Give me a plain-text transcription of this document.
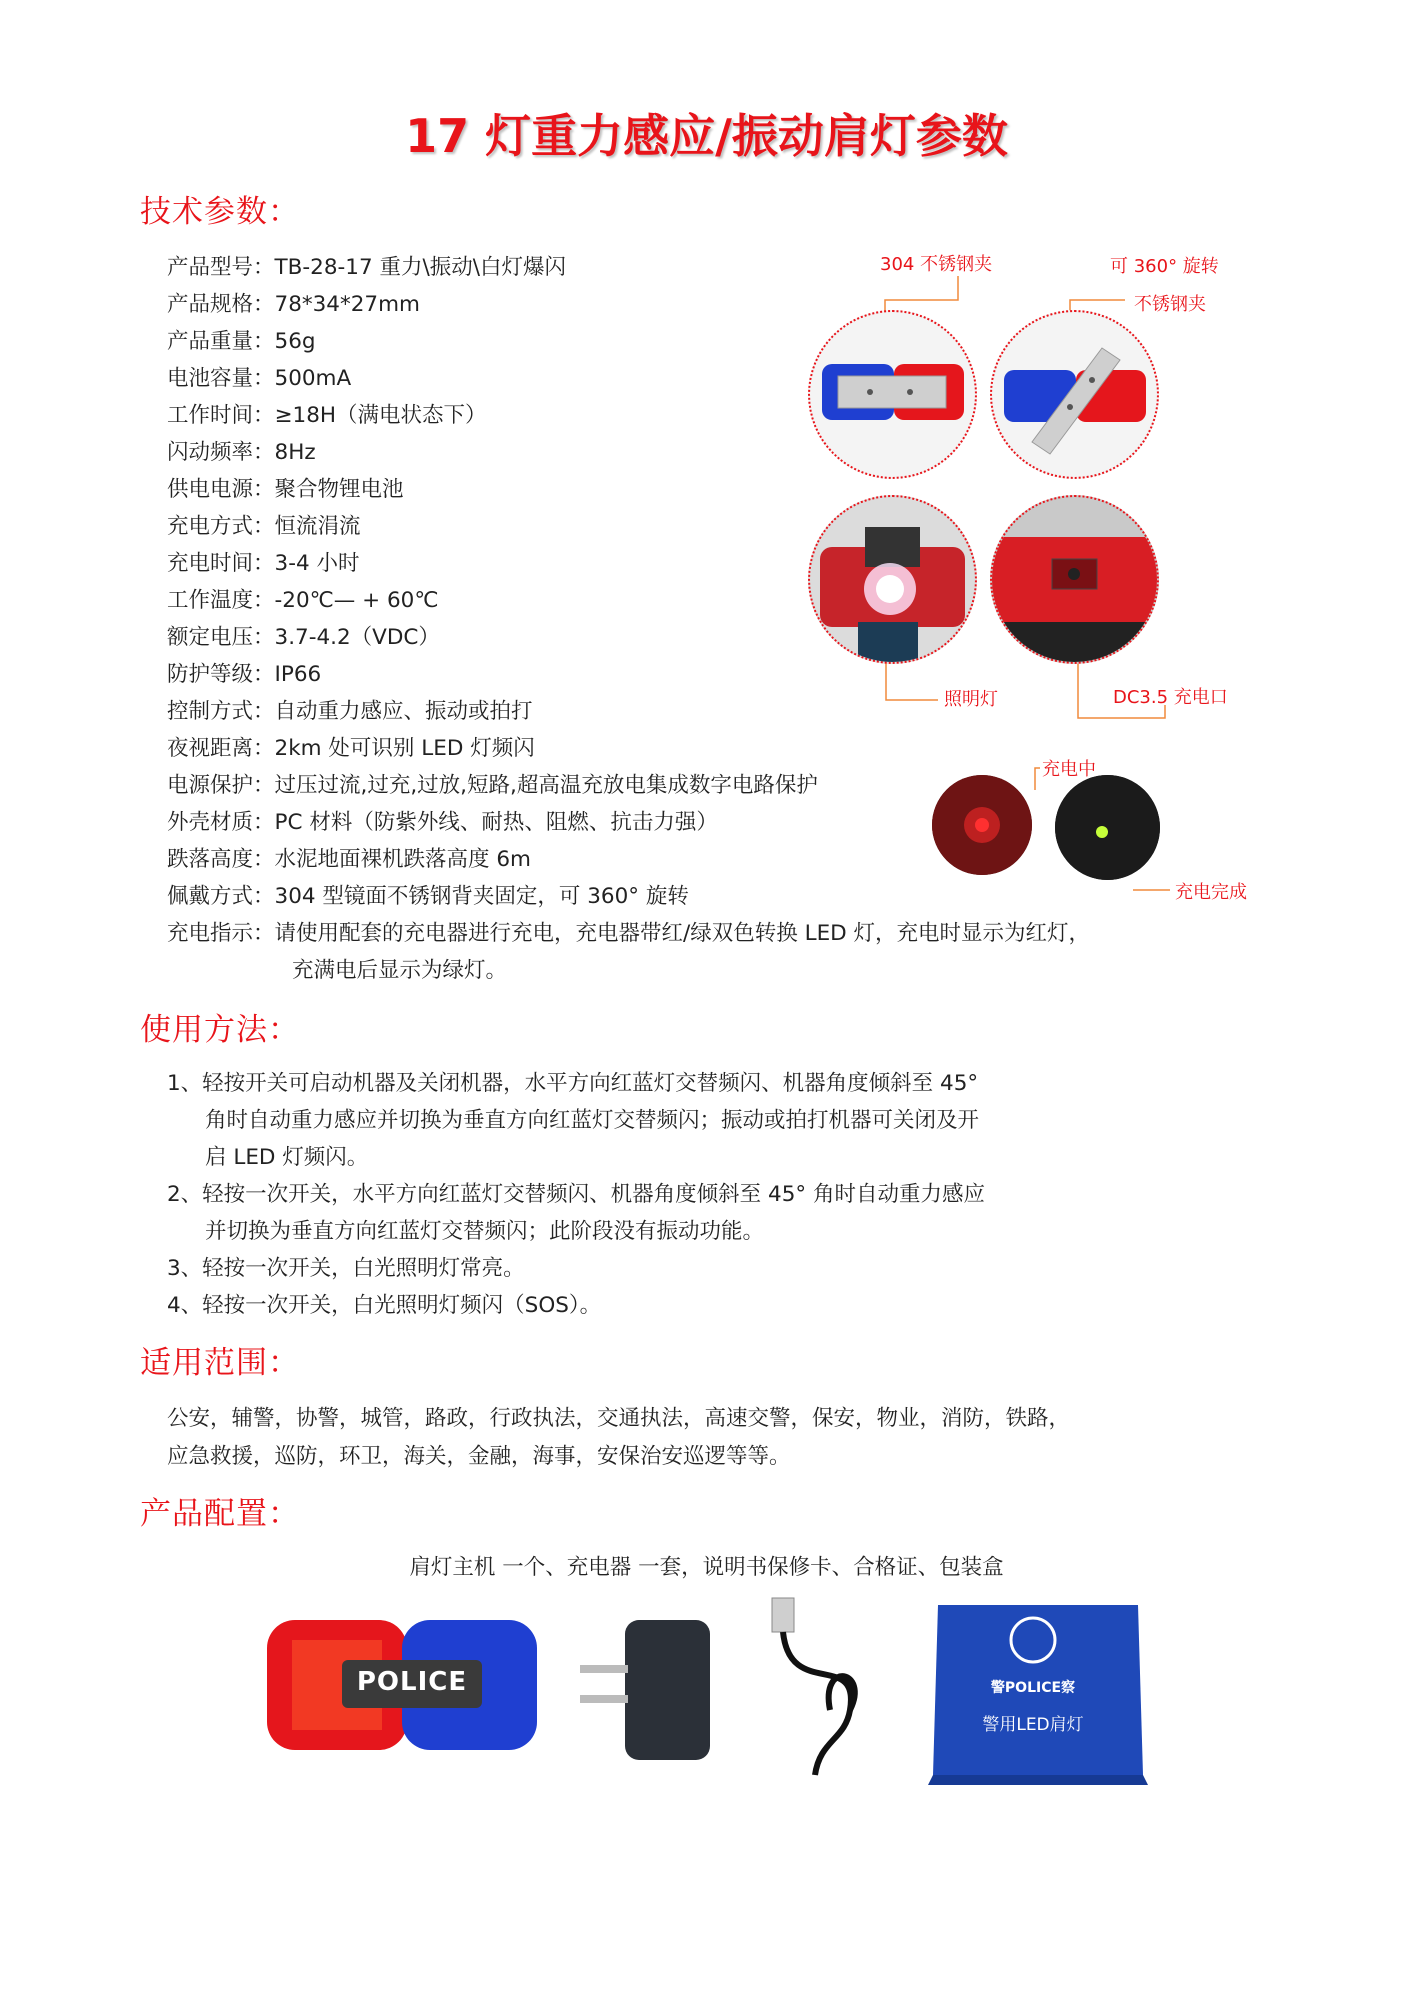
17 灯重力感应/振动肩灯参数
技术参数：
使用方法：
适用范围：
产品配置：
产品型号：TB-28-17 重力\振动\白灯爆闪
产品规格：78*34*27mm
产品重量：56g
电池容量：500mA
工作时间：≥18H（满电状态下）
闪动频率：8Hz
供电电源：聚合物锂电池
充电方式：恒流涓流
充电时间：3-4 小时
工作温度：-20℃— + 60℃
额定电压：3.7-4.2（VDC）
防护等级：IP66
控制方式：自动重力感应、振动或拍打
夜视距离：2km 处可识别 LED 灯频闪
电源保护：过压过流,过充,过放,短路,超高温充放电集成数字电路保护
外壳材质：PC 材料（防紫外线、耐热、阻燃、抗击力强）
跌落高度：水泥地面裸机跌落高度 6m
佩戴方式：304 型镜面不锈钢背夹固定，可 360° 旋转
充电指示：请使用配套的充电器进行充电，充电器带红/绿双色转换 LED 灯，充电时显示为红灯，
充满电后显示为绿灯。
1、轻按开关可启动机器及关闭机器，水平方向红蓝灯交替频闪、机器角度倾斜至 45°
角时自动重力感应并切换为垂直方向红蓝灯交替频闪；振动或拍打机器可关闭及开
启 LED 灯频闪。
2、轻按一次开关，水平方向红蓝灯交替频闪、机器角度倾斜至 45° 角时自动重力感应
并切换为垂直方向红蓝灯交替频闪；此阶段没有振动功能。
3、轻按一次开关，白光照明灯常亮。
4、轻按一次开关，白光照明灯频闪（SOS）。
公安，辅警，协警，城管，路政，行政执法，交通执法，高速交警，保安，物业，消防，铁路，
应急救援，巡防，环卫，海关，金融，海事，安保治安巡逻等等。
肩灯主机 一个、充电器 一套，说明书保修卡、合格证、包装盒
304 不锈钢夹	可 360° 旋转
不锈钢夹
照明灯	DC3.5 充电口
充电中
充电完成
POLICE	警POLICE察
警用LED肩灯
